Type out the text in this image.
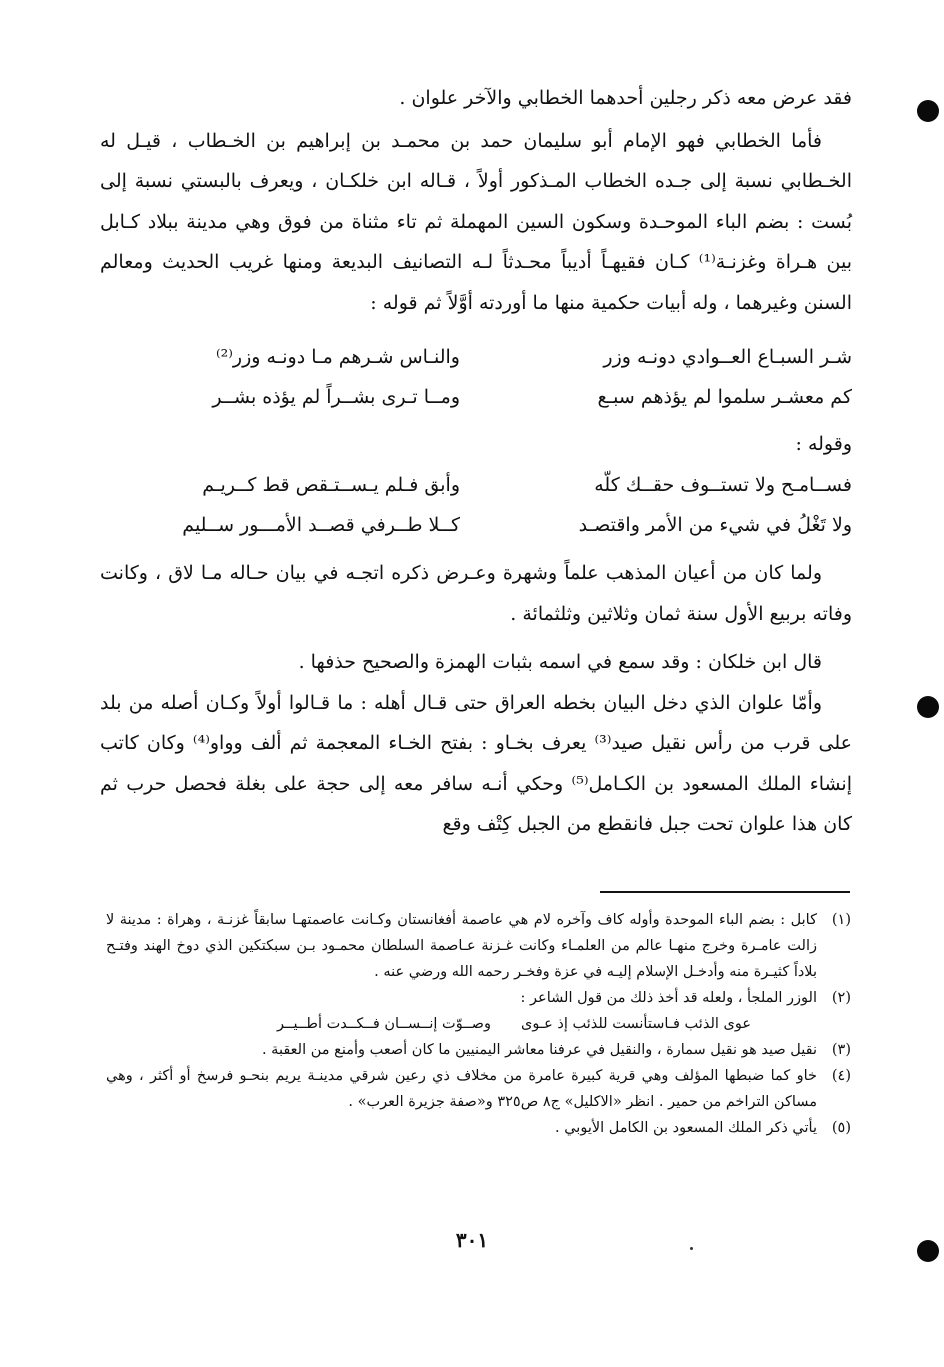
فقد عرض معه ذكر رجلين أحدهما الخطابي والآخر علوان .

فأما الخطابي فهو الإمام أبو سليمان حمد بن محمـد بن إبراهيم بن الخـطاب ، قيـل له الخـطابي نسبة إلى جـده الخطاب المـذكور أولاً ، قـاله ابن خلكـان ، ويعرف بالبستي نسبة إلى بُست : بضم الباء الموحـدة وسكون السين المهملة ثم تاء مثناة من فوق وهي مدينة ببلاد كـابل بين هـراة وغزنـة⁽¹⁾ كـان فقيهـاً أديباً محـدثاً لـه التصانيف البديعة ومنها غريب الحديث ومعالم السنن وغيرهما ، وله أبيات حكمية منها ما أوردته أوَّلاً ثم قوله :

شـر السبـاع العــوادي دونـه وزر
والنـاس شـرهم مـا دونـه وزر⁽²⁾
كم معشـر سلموا لم يؤذهم سبـع
ومــا تـرى بشــراً لم يؤذه بشــر

وقوله :

فســامـح ولا تستــوف حقــك كلّه
وأبق فـلم يـســتـقص قط كــريـم
ولا تَغْلُ في شيء من الأمر واقتصـد
كــلا طــرفي قصــد الأمـــور ســليم

ولما كان من أعيان المذهب علماً وشهرة وعـرض ذكره اتجـه في بيان حـاله مـا لاق ، وكانت وفاته بربيع الأول سنة ثمان وثلاثين وثلثمائة .

قال ابن خلكان : وقد سمع في اسمه بثبات الهمزة والصحيح حذفها .

وأمّا علوان الذي دخل البيان بخطه العراق حتى قـال أهله : ما قـالوا أولاً وكـان أصله من بلد على قرب من رأس نقيل صيد⁽³⁾ يعرف بخـاو : بفتح الخـاء المعجمة ثم ألف وواو⁽⁴⁾ وكان كاتب إنشاء الملك المسعود بن الكـامل⁽⁵⁾ وحكي أنـه سافر معه إلى حجة على بغلة فحصل حرب ثم كان هذا علوان تحت جبل فانقطع من الجبل كِتْف وقع

(١)
كابل : بضم الباء الموحدة وأوله كاف وآخره لام هي عاصمة أفغانستان وكـانت عاصمتهـا سابقاً غزنـة ، وهراة : مدينة لا زالت عامـرة وخرج منهـا عالم من العلمـاء وكانت غـزنة عـاصمة السلطان محمـود بـن سبكتكين الذي دوخ الهند وفتـح بلاداً كثيـرة منه وأدخـل الإسلام إليـه في عزة وفخـر رحمه الله ورضي عنه .
(٢)
الوزر الملجأ ، ولعله قد أخذ ذلك من قول الشاعر :
عوى الذئب فـاستأنست للذئب إذ عـوى
وصــوّت إنــســان فــكــدت أطــيــر
(٣)
نقيل صيد هو نقيل سمارة ، والنقيل في عرفنا معاشر اليمنيين ما كان أصعب وأمنع من العقبة .
(٤)
خاو كما ضبطها المؤلف وهي قرية كبيرة عامرة من مخلاف ذي رعين شرقي مدينـة يريم بنحـو فرسخ أو أكثر ، وهي مساكن التراخم من حمير . انظر «الاكليل» ج٨ ص٣٢٥ و«صفة جزيرة العرب» .
(٥)
يأتي ذكر الملك المسعود بن الكامل الأيوبي .
٣٠١
